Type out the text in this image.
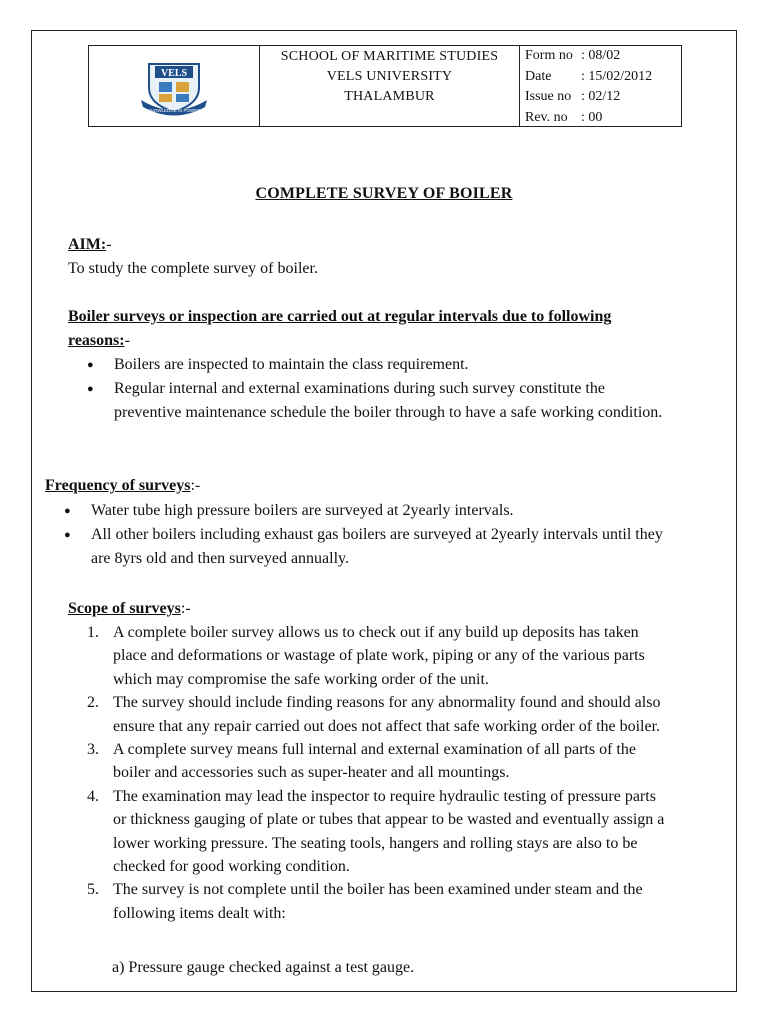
VELS
KNOWLEDGE IS POWER
SCHOOL OF MARITIME STUDIES
VELS UNIVERSITY
THALAMBUR
Form no : 08/02
Date	: 15/02/2012
Issue no : 02/12
Rev. no : 00
COMPLETE SURVEY OF BOILER
AIM:-
To study the complete survey of boiler.
Boiler surveys or inspection are carried out at regular intervals due to following
reasons:-
●	Boilers are inspected to maintain the class requirement.
●	Regular internal and external examinations during such survey constitute the
preventive maintenance schedule the boiler through to have a safe working condition.
Frequency of surveys:-
●	Water tube high pressure boilers are surveyed at 2yearly intervals.
●	All other boilers including exhaust gas boilers are surveyed at 2yearly intervals until they
are 8yrs old and then surveyed annually.
Scope of surveys:-
1. A complete boiler survey allows us to check out if any build up deposits has taken
place and deformations or wastage of plate work, piping or any of the various parts
which may compromise the safe working order of the unit.
2. The survey should include finding reasons for any abnormality found and should also
ensure that any repair carried out does not affect that safe working order of the boiler.
3. A complete survey means full internal and external examination of all parts of the
boiler and accessories such as super-heater and all mountings.
4. The examination may lead the inspector to require hydraulic testing of pressure parts
or thickness gauging of plate or tubes that appear to be wasted and eventually assign a
lower working pressure. The seating tools, hangers and rolling stays are also to be
checked for good working condition.
5. The survey is not complete until the boiler has been examined under steam and the
following items dealt with:
a) Pressure gauge checked against a test gauge.
